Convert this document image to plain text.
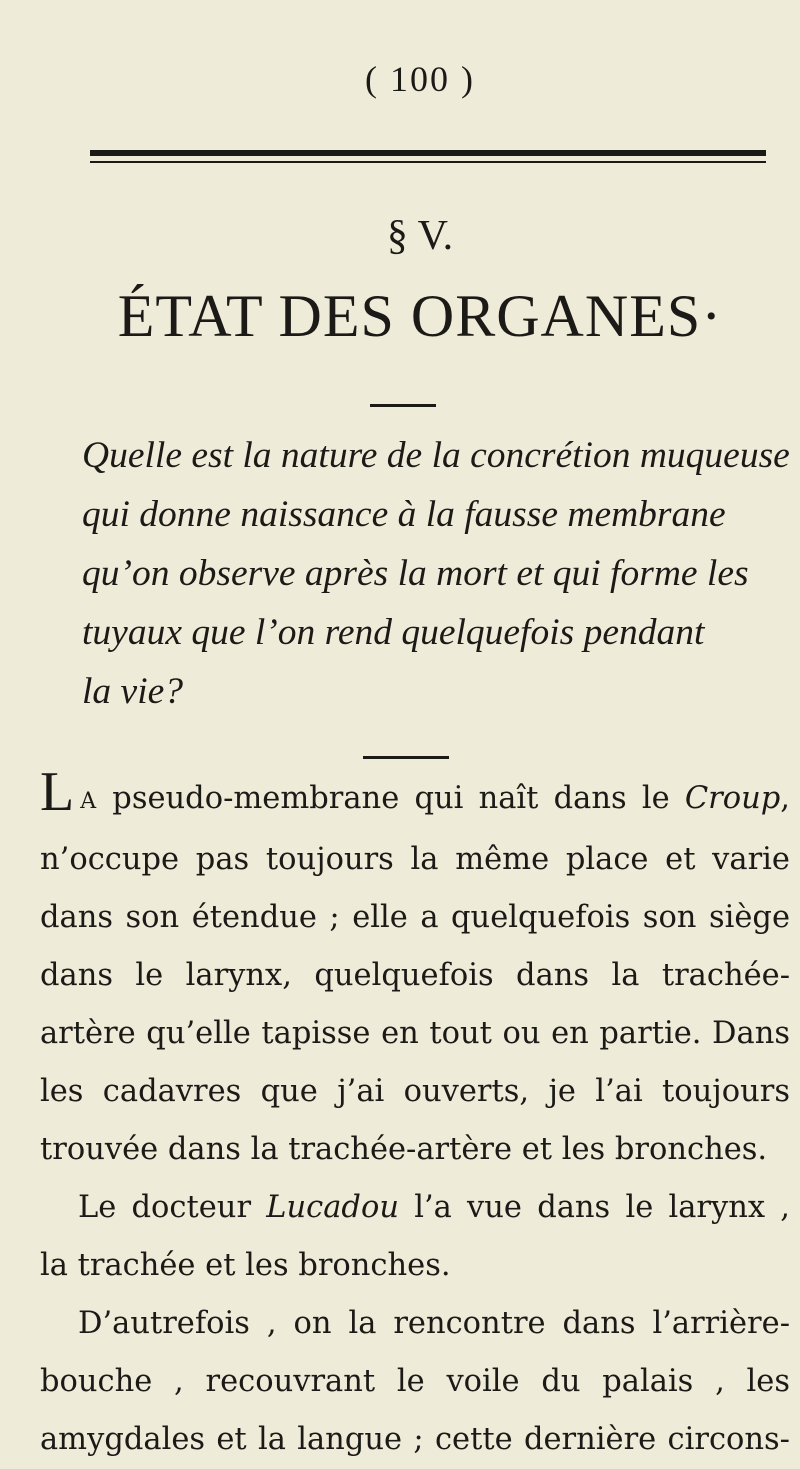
( 100 )
§ V.
ÉTAT DES ORGANES·
Quelle est la nature de la concrétion muqueuse
qui donne naissance à la fausse membrane
qu’on observe après la mort et qui forme les
tuyaux que l’on rend quelquefois pendant
la vie?
L A pseudo-membrane qui naît dans le Croup,
n’occupe pas toujours la même place et varie
dans son étendue ; elle a quelquefois son siège
dans le larynx, quelquefois dans la trachée-
artère qu’elle tapisse en tout ou en partie. Dans
les cadavres que j’ai ouverts, je l’ai toujours
trouvée dans la trachée-artère et les bronches.
Le docteur Lucadou l’a vue dans le larynx ,
la trachée et les bronches.
D’autrefois , on la rencontre dans l’arrière-
bouche , recouvrant le voile du palais , les
amygdales et la langue ; cette dernière circons-
